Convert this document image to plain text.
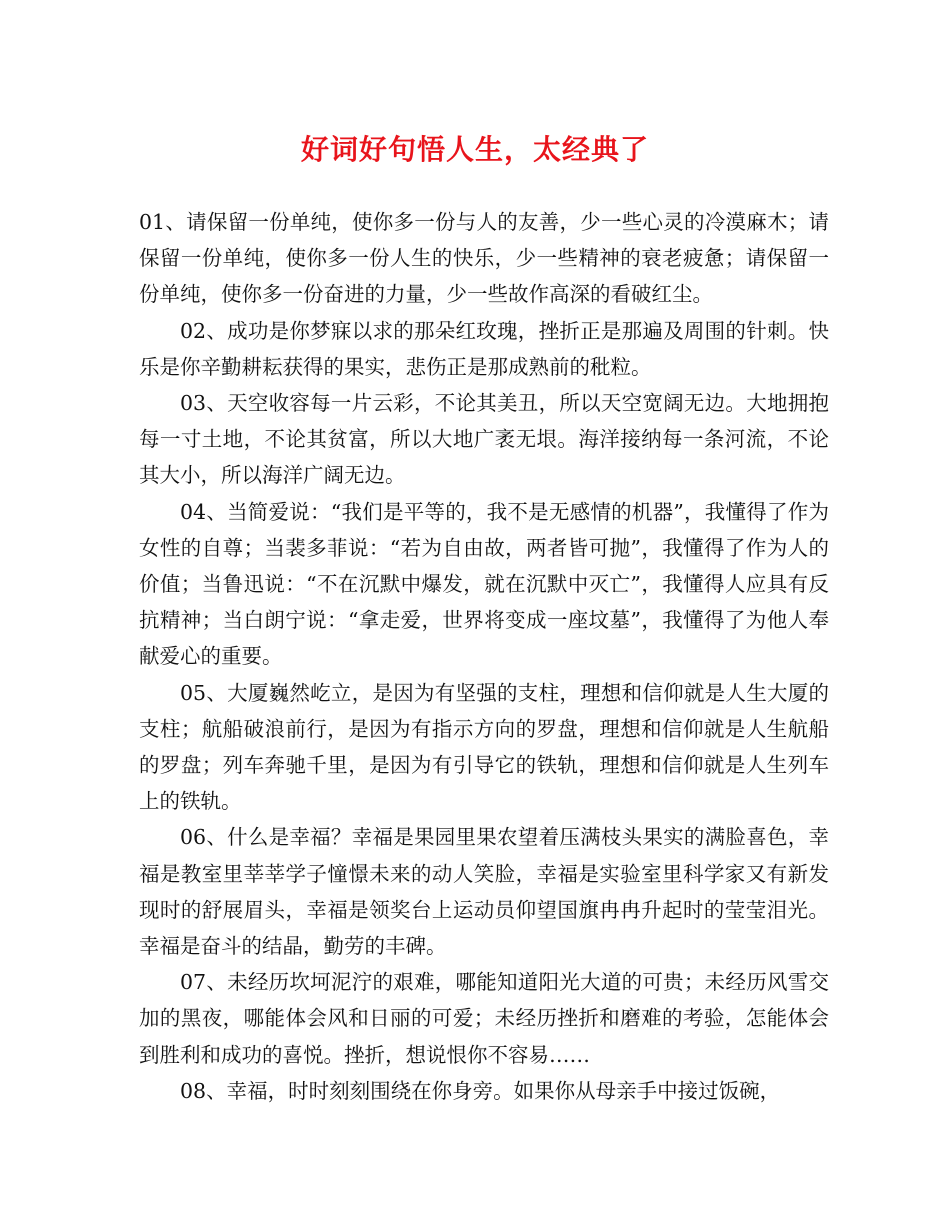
好词好句悟人生，太经典了

01、请保留一份单纯，使你多一份与人的友善，少一些心灵的冷漠麻木；请保留一份单纯，使你多一份人生的快乐，少一些精神的衰老疲惫；请保留一份单纯，使你多一份奋进的力量，少一些故作高深的看破红尘。

02、成功是你梦寐以求的那朵红玫瑰，挫折正是那遍及周围的针刺。快乐是你辛勤耕耘获得的果实，悲伤正是那成熟前的秕粒。

03、天空收容每一片云彩，不论其美丑，所以天空宽阔无边。大地拥抱每一寸土地，不论其贫富，所以大地广袤无垠。海洋接纳每一条河流，不论其大小，所以海洋广阔无边。

04、当简爱说：“我们是平等的，我不是无感情的机器”，我懂得了作为女性的自尊；当裴多菲说：“若为自由故，两者皆可抛”，我懂得了作为人的价值；当鲁迅说：“不在沉默中爆发，就在沉默中灭亡”，我懂得人应具有反抗精神；当白朗宁说：“拿走爱，世界将变成一座坟墓”，我懂得了为他人奉献爱心的重要。

05、大厦巍然屹立，是因为有坚强的支柱，理想和信仰就是人生大厦的支柱；航船破浪前行，是因为有指示方向的罗盘，理想和信仰就是人生航船的罗盘；列车奔驰千里，是因为有引导它的铁轨，理想和信仰就是人生列车上的铁轨。

06、什么是幸福？幸福是果园里果农望着压满枝头果实的满脸喜色，幸福是教室里莘莘学子憧憬未来的动人笑脸，幸福是实验室里科学家又有新发现时的舒展眉头，幸福是领奖台上运动员仰望国旗冉冉升起时的莹莹泪光。幸福是奋斗的结晶，勤劳的丰碑。

07、未经历坎坷泥泞的艰难，哪能知道阳光大道的可贵；未经历风雪交加的黑夜，哪能体会风和日丽的可爱；未经历挫折和磨难的考验，怎能体会到胜利和成功的喜悦。挫折，想说恨你不容易……

08、幸福，时时刻刻围绕在你身旁。如果你从母亲手中接过饭碗，
